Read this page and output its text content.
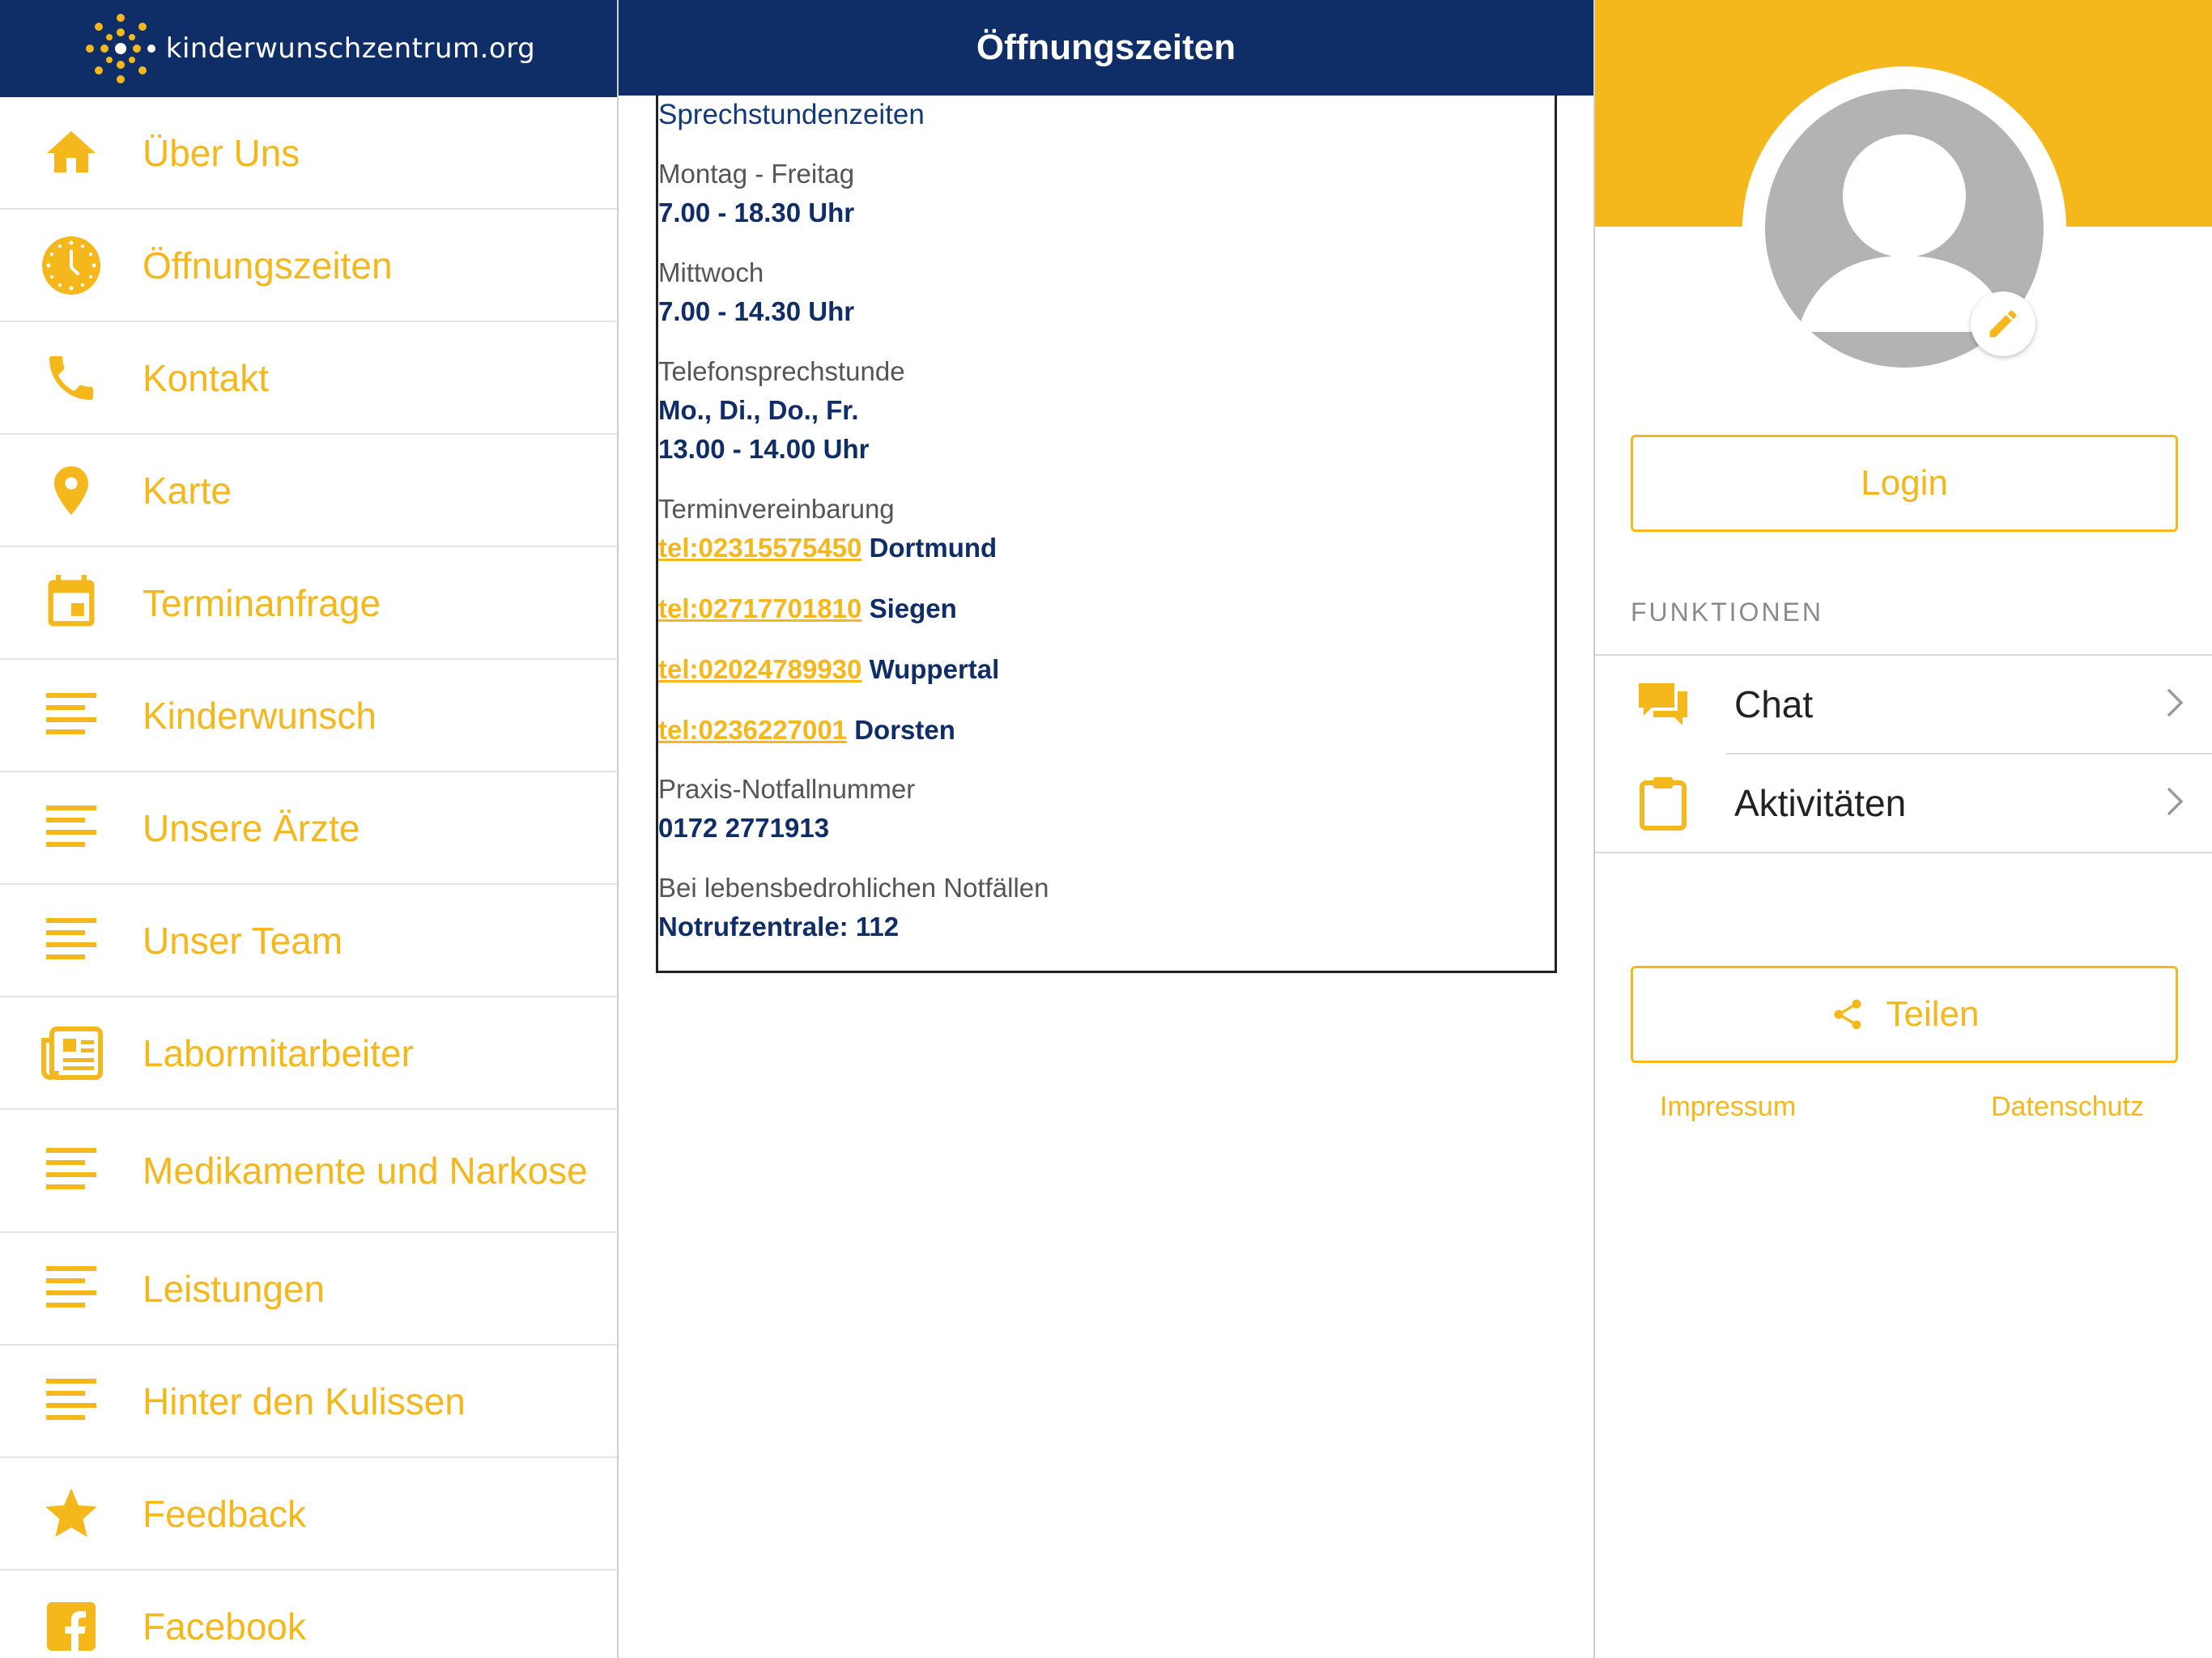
kinderwunschzentrum.org
Über Uns
Öffnungszeiten
Kontakt
Karte
Terminanfrage
Kinderwunsch
Unsere Ärzte
Unser Team
Labormitarbeiter
Medikamente und Narkose
Leistungen
Hinter den Kulissen
Feedback
Facebook
Öffnungszeiten
Sprechstundenzeiten
Montag - Freitag
7.00 - 18.30 Uhr
Mittwoch
7.00 - 14.30 Uhr
Telefonsprechstunde
Mo., Di., Do., Fr.
13.00 - 14.00 Uhr
Terminvereinbarung
tel:02315575450 Dortmund
tel:02717701810 Siegen
tel:02024789930 Wuppertal
tel:0236227001 Dorsten
Praxis-Notfallnummer
0172 2771913
Bei lebensbedrohlichen Notfällen
Notrufzentrale: 112
Login
FUNKTIONEN
Chat
Aktivitäten
Teilen
Impressum	Datenschutz
